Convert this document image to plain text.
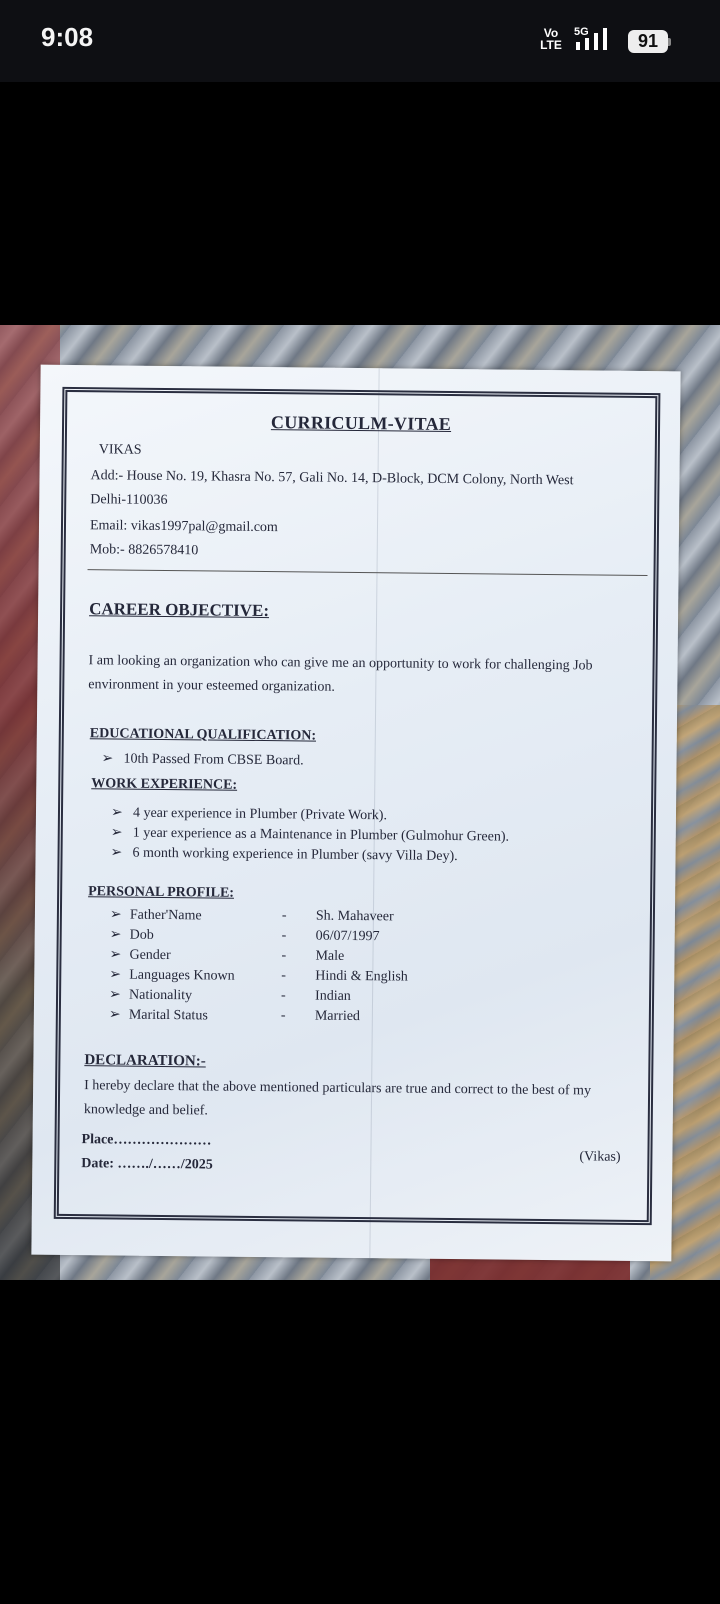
9:08	Vo LTE
5G	91
CURRICULM-VITAE
VIKAS
Add:- House No. 19, Khasra No. 57, Gali No. 14, D-Block, DCM Colony, North West
Delhi-110036
Email: vikas1997pal@gmail.com
Mob:- 8826578410
CAREER OBJECTIVE:
I am looking an organization who can give me an opportunity to work for challenging Job environment in your esteemed organization.
EDUCATIONAL QUALIFICATION:
➢ 10th Passed From CBSE Board.
WORK EXPERIENCE:
➢ 4 year experience in Plumber (Private Work).
➢ 1 year experience as a Maintenance in Plumber (Gulmohur Green).
➢ 6 month working experience in Plumber (savy Villa Dey).
PERSONAL PROFILE:
➢ Father'Name	- Sh. Mahaveer
➢ Dob	- 06/07/1997
➢ Gender	- Male
➢ Languages Known	- Hindi & English
➢ Nationality	- Indian
➢ Marital Status	- Married
DECLARATION:-
I hereby declare that the above mentioned particulars are true and correct to the best of my knowledge and belief.
Place…………………
Date: ……./……/2025	(Vikas)
